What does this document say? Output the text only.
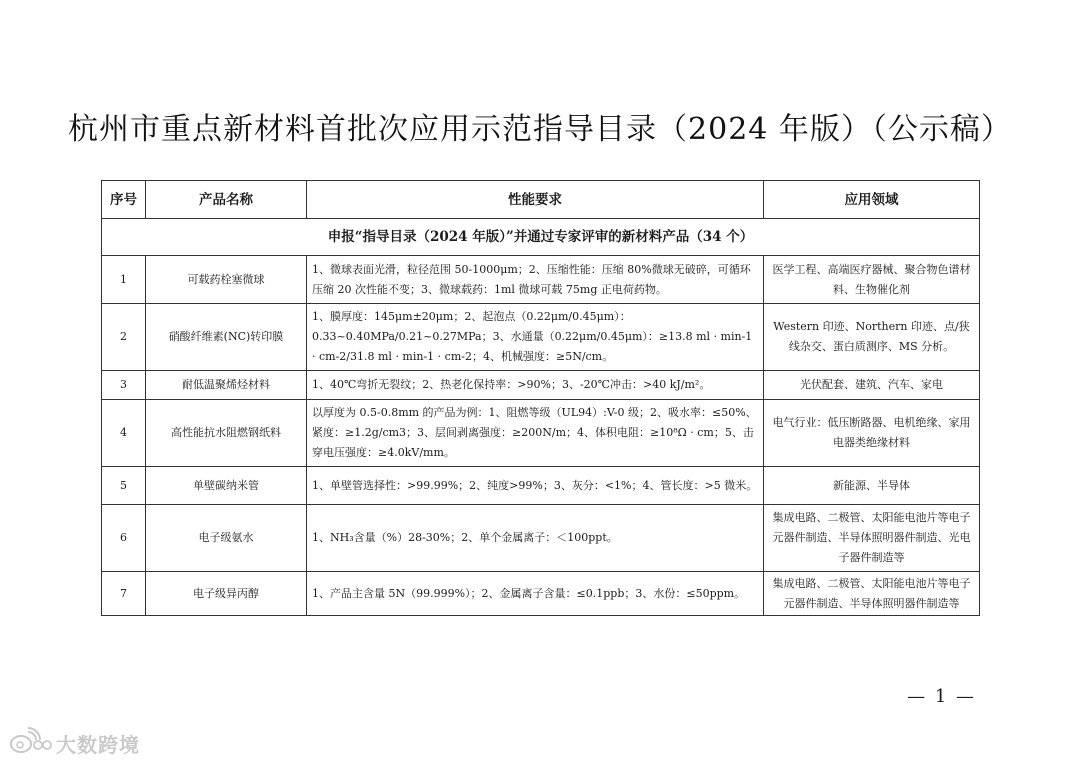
杭州市重点新材料首批次应用示范指导目录（2024 年版）（公示稿）
序号	产品名称	性能要求	应用领域
申报“指导目录（2024 年版）”并通过专家评审的新材料产品（34 个）			
1	可载药栓塞微球	1、微球表面光滑，粒径范围 50-1000μm；2、压缩性能：压缩 80%微球无破碎，可循环压缩 20 次性能不变；3、微球载药：1ml 微球可载 75mg 正电荷药物。	医学工程、高端医疗器械、聚合物色谱材料、生物催化剂
2	硝酸纤维素(NC)转印膜	1、膜厚度：145μm±20μm；2、起泡点（0.22μm/0.45μm）：0.33~0.40MPa/0.21~0.27MPa；3、水通量（0.22μm/0.45μm）：≥13.8 ml · min-1 · cm-2/31.8 ml · min-1 · cm-2；4、机械强度：≥5N/cm。	Western 印迹、Northern 印迹、点/狭线杂交、蛋白质测序、MS 分析。
3	耐低温聚烯烃材料	1、40℃弯折无裂纹；2、热老化保持率：>90%；3、-20℃冲击：>40 kJ/m²。	光伏配套、建筑、汽车、家电
4	高性能抗水阻燃钢纸料	以厚度为 0.5-0.8mm 的产品为例：1、阻燃等级（UL94）:V-0 级；2、吸水率：≤50%、紧度：≥1.2g/cm3；3、层间剥离强度：≥200N/m；4、体积电阻：≥10⁸Ω · cm；5、击穿电压强度：≥4.0kV/mm。	电气行业：低压断路器、电机绝缘、家用电器类绝缘材料
5	单壁碳纳米管	1、单壁管选择性：>99.99%；2、纯度>99%；3、灰分：<1%；4、管长度：>5 微米。	新能源、半导体
6	电子级氨水	1、NH₃含量（%）28-30%；2、单个金属离子：＜100ppt。	集成电路、二极管、太阳能电池片等电子元器件制造、半导体照明器件制造、光电子器件制造等
7	电子级异丙醇	1、产品主含量 5N（99.999%）；2、金属离子含量：≤0.1ppb；3、水份：≤50ppm。	集成电路、二极管、太阳能电池片等电子元器件制造、半导体照明器件制造等
— 1 —
大数跨境
